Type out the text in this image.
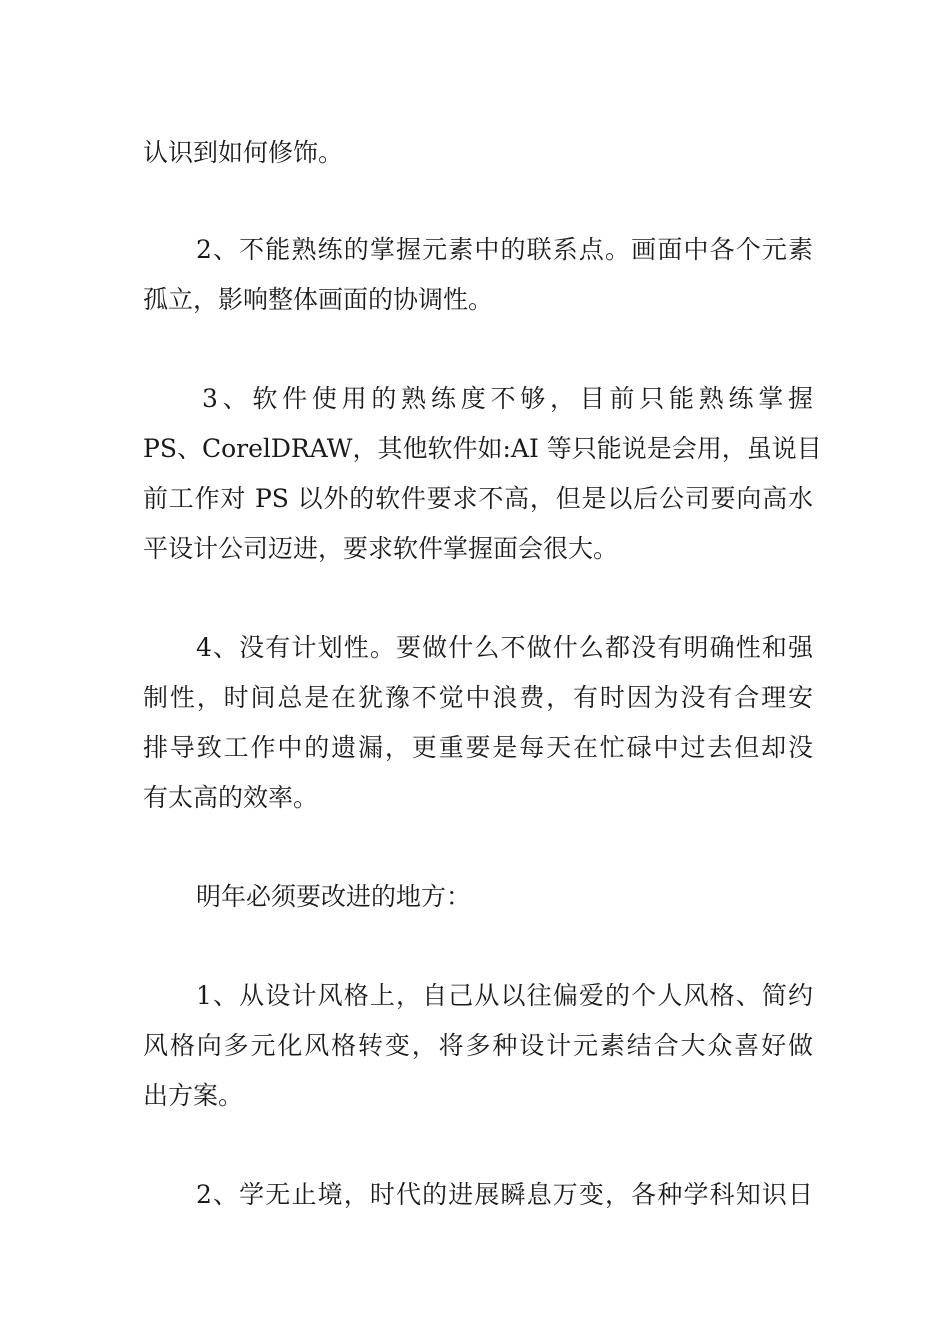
认识到如何修饰。
2、不能熟练的掌握元素中的联系点。画面中各个元素
孤立，影响整体画面的协调性。
3、软件使用的熟练度不够，目前只能熟练掌握
PS、CorelDRAW，其他软件如:AI 等只能说是会用，虽说目
前工作对 PS 以外的软件要求不高，但是以后公司要向高水
平设计公司迈进，要求软件掌握面会很大。
4、没有计划性。要做什么不做什么都没有明确性和强
制性，时间总是在犹豫不觉中浪费，有时因为没有合理安
排导致工作中的遗漏，更重要是每天在忙碌中过去但却没
有太高的效率。
明年必须要改进的地方：
1、从设计风格上，自己从以往偏爱的个人风格、简约
风格向多元化风格转变，将多种设计元素结合大众喜好做
出方案。
2、学无止境，时代的进展瞬息万变，各种学科知识日
